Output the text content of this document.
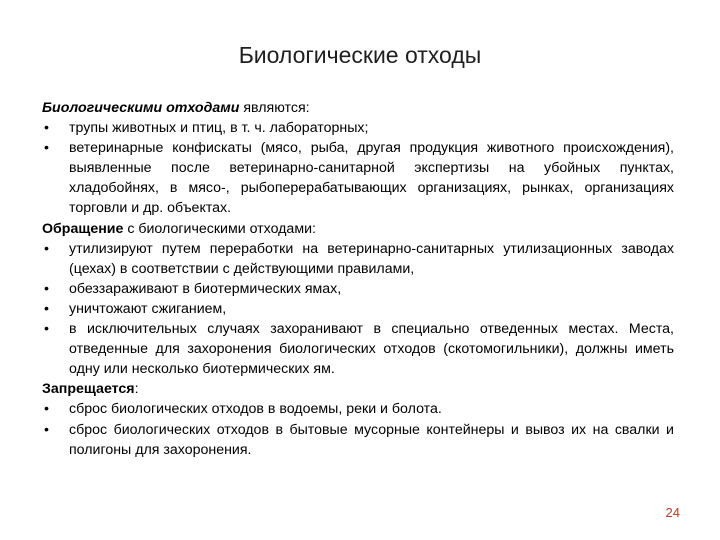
Биологические отходы

Биологическими отходами являются:

• трупы животных и птиц, в т. ч. лабораторных;
• ветеринарные конфискаты (мясо, рыба, другая продукция животного происхождения), выявленные после ветеринарно-санитарной экспертизы на убойных пунктах, хладобойнях, в мясо-, рыбоперерабатывающих организациях, рынках, организациях торговли и др. объектах.

Обращение с биологическими отходами:

• утилизируют путем переработки на ветеринарно-санитарных утилизационных заводах (цехах) в соответствии с действующими правилами,
• обеззараживают в биотермических ямах,
• уничтожают сжиганием,
• в исключительных случаях захоранивают в специально отведенных местах. Места, отведенные для захоронения биологических отходов (скотомогильники), должны иметь одну или несколько биотермических ям.

Запрещается:

• сброс биологических отходов в водоемы, реки и болота.
• сброс биологических отходов в бытовые мусорные контейнеры и вывоз их на свалки и полигоны для захоронения.
24
